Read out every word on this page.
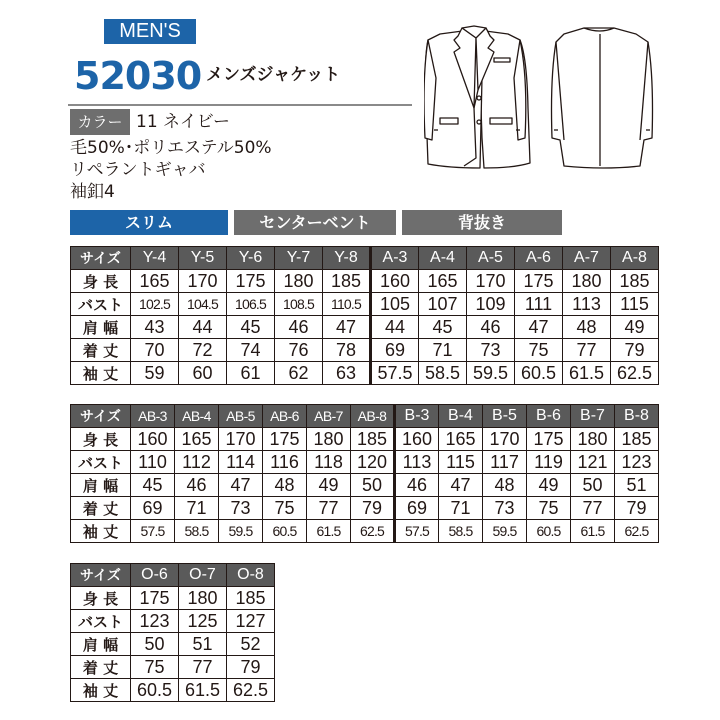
MEN'S
52030 メンズジャケット
カラー 11 ネイビー
毛50%･ポリエステル50%
リペラントギャバ
袖釦4
スリム	センターベント	背抜き
サイズ	Y-4	Y-5	Y-6	Y-7	Y-8	A-3	A-4	A-5	A-6	A-7	A-8
身 長	165	170	175	180	185	160	165	170	175	180	185
バスト	102.5	104.5	106.5	108.5	110.5	105	107	109	111	113	115
肩 幅	43	44	45	46	47	44	45	46	47	48	49
着 丈	70	72	74	76	78	69	71	73	75	77	79
袖 丈	59	60	61	62	63	57.5	58.5	59.5	60.5	61.5	62.5
サイズ	AB-3	AB-4	AB-5	AB-6	AB-7	AB-8	B-3	B-4	B-5	B-6	B-7	B-8
身 長	160	165	170	175	180	185	160	165	170	175	180	185
バスト	110	112	114	116	118	120	113	115	117	119	121	123
肩 幅	45	46	47	48	49	50	46	47	48	49	50	51
着 丈	69	71	73	75	77	79	69	71	73	75	77	79
袖 丈	57.5	58.5	59.5	60.5	61.5	62.5	57.5	58.5	59.5	60.5	61.5	62.5
サイズ	O-6	O-7	O-8
身 長	175	180	185
バスト	123	125	127
肩 幅	50	51	52
着 丈	75	77	79
袖 丈	60.5	61.5	62.5
